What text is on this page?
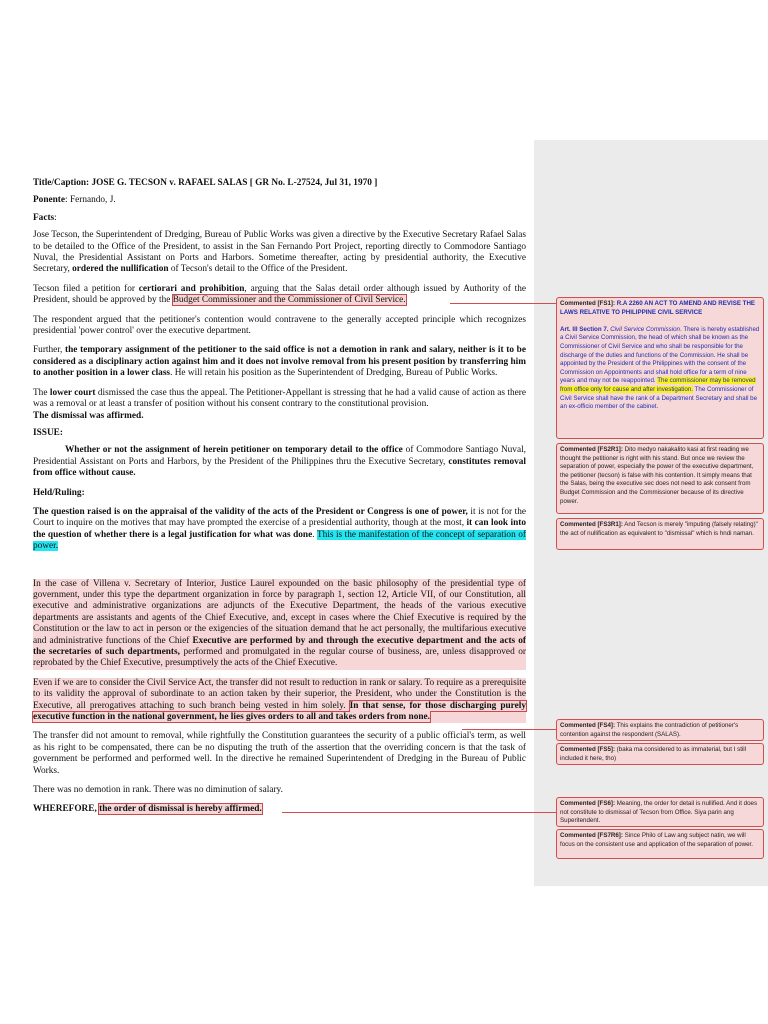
Title/Caption: JOSE G. TECSON v. RAFAEL SALAS [ GR No. L-27524, Jul 31, 1970 ]

Ponente: Fernando, J.

Facts:

Jose Tecson, the Superintendent of Dredging, Bureau of Public Works was given a directive by the Executive Secretary Rafael Salas to be detailed to the Office of the President, to assist in the San Fernando Port Project, reporting directly to Commodore Santiago Nuval, the Presidential Assistant on Ports and Harbors. Sometime thereafter, acting by presidential authority, the Executive Secretary, ordered the nullification of Tecson's detail to the Office of the President.

Tecson filed a petition for certiorari and prohibition, arguing that the Salas detail order although issued by Authority of the President, should be approved by the Budget Commissioner and the Commissioner of Civil Service.

The respondent argued that the petitioner's contention would contravene to the generally accepted principle which recognizes presidential 'power control' over the executive department.

Further, the temporary assignment of the petitioner to the said office is not a demotion in rank and salary, neither is it to be considered as a disciplinary action against him and it does not involve removal from his present position by transferring him to another position in a lower class. He will retain his position as the Superintendent of Dredging, Bureau of Public Works.

The lower court dismissed the case thus the appeal. The Petitioner-Appellant is stressing that he had a valid cause of action as there was a removal or at least a transfer of position without his consent contrary to the constitutional provision.
The dismissal was affirmed.

ISSUE:

Whether or not the assignment of herein petitioner on temporary detail to the office of Commodore Santiago Nuval, Presidential Assistant on Ports and Harbors, by the President of the Philippines thru the Executive Secretary, constitutes removal from office without cause.

Held/Ruling:

The question raised is on the appraisal of the validity of the acts of the President or Congress is one of power, it is not for the Court to inquire on the motives that may have prompted the exercise of a presidential authority, though at the most, it can look into the question of whether there is a legal justification for what was done. This is the manifestation of the concept of separation of power.

In the case of Villena v. Secretary of Interior, Justice Laurel expounded on the basic philosophy of the presidential type of government, under this type the department organization in force by paragraph 1, section 12, Article VII, of our Constitution, all executive and administrative organizations are adjuncts of the Executive Department, the heads of the various executive departments are assistants and agents of the Chief Executive, and, except in cases where the Chief Executive is required by the Constitution or the law to act in person or the exigencies of the situation demand that he act personally, the multifarious executive and administrative functions of the Chief Executive are performed by and through the executive department and the acts of the secretaries of such departments, performed and promulgated in the regular course of business, are, unless disapproved or reprobated by the Chief Executive, presumptively the acts of the Chief Executive.

Even if we are to consider the Civil Service Act, the transfer did not result to reduction in rank or salary. To require as a prerequisite to its validity the approval of subordinate to an action taken by their superior, the President, who under the Constitution is the Executive, all prerogatives attaching to such branch being vested in him solely. In that sense, for those discharging purely executive function in the national government, he lies gives orders to all and takes orders from none.

The transfer did not amount to removal, while rightfully the Constitution guarantees the security of a public official's term, as well as his right to be compensated, there can be no disputing the truth of the assertion that the overriding concern is that the task of government be performed and performed well. In the directive he remained Superintendent of Dredging in the Bureau of Public Works.

There was no demotion in rank. There was no diminution of salary.

WHEREFORE, the order of dismissal is hereby affirmed.

Commented [FS1]: R.A 2260 AN ACT TO AMEND AND REVISE THE LAWS RELATIVE TO PHILIPPINE CIVIL SERVICE

Art. III Section 7. Civil Service Commission. There is hereby established a Civil Service Commission, the head of which shall be known as the Commissioner of Civil Service and who shall be responsible for the discharge of the duties and functions of the Commission. He shall be appointed by the President of the Philippines with the consent of the Commission on Appointments and shall hold office for a term of nine years and may not be reappointed. The commissioner may be removed from office only for cause and after investigation. The Commissioner of Civil Service shall have the rank of a Department Secretary and shall be an ex-officio member of the cabinet.
Commented [FS2R1]: Dito medyo nakakalito kasi at first reading we thought the petitioner is right with his stand. But once we review the separation of power, especially the power of the executive department, the petitioner (tecson) is false with his contention. It simply means that the Salas, being the executive sec does not need to ask consent from Budget Commission and the Commissioner because of its directive power.
Commented [FS3R1]: And Tecson is merely "imputing (falsely relating)" the act of nullification as equivalent to "dismissal" which is hndi naman.
Commented [FS4]: This explains the contradiction of petitioner's contention against the respondent (SALAS).
Commented [FS5]: (baka ma considered to as immaterial, but I still included it here, tho)
Commented [FS6]: Meaning, the order for detail is nullified. And it does not constitute to dismissal of Tecson from Office. Siya parin ang Superitendent.
Commented [FS7R6]: Since Philo of Law ang subject natin, we will focus on the consistent use and application of the separation of power.
